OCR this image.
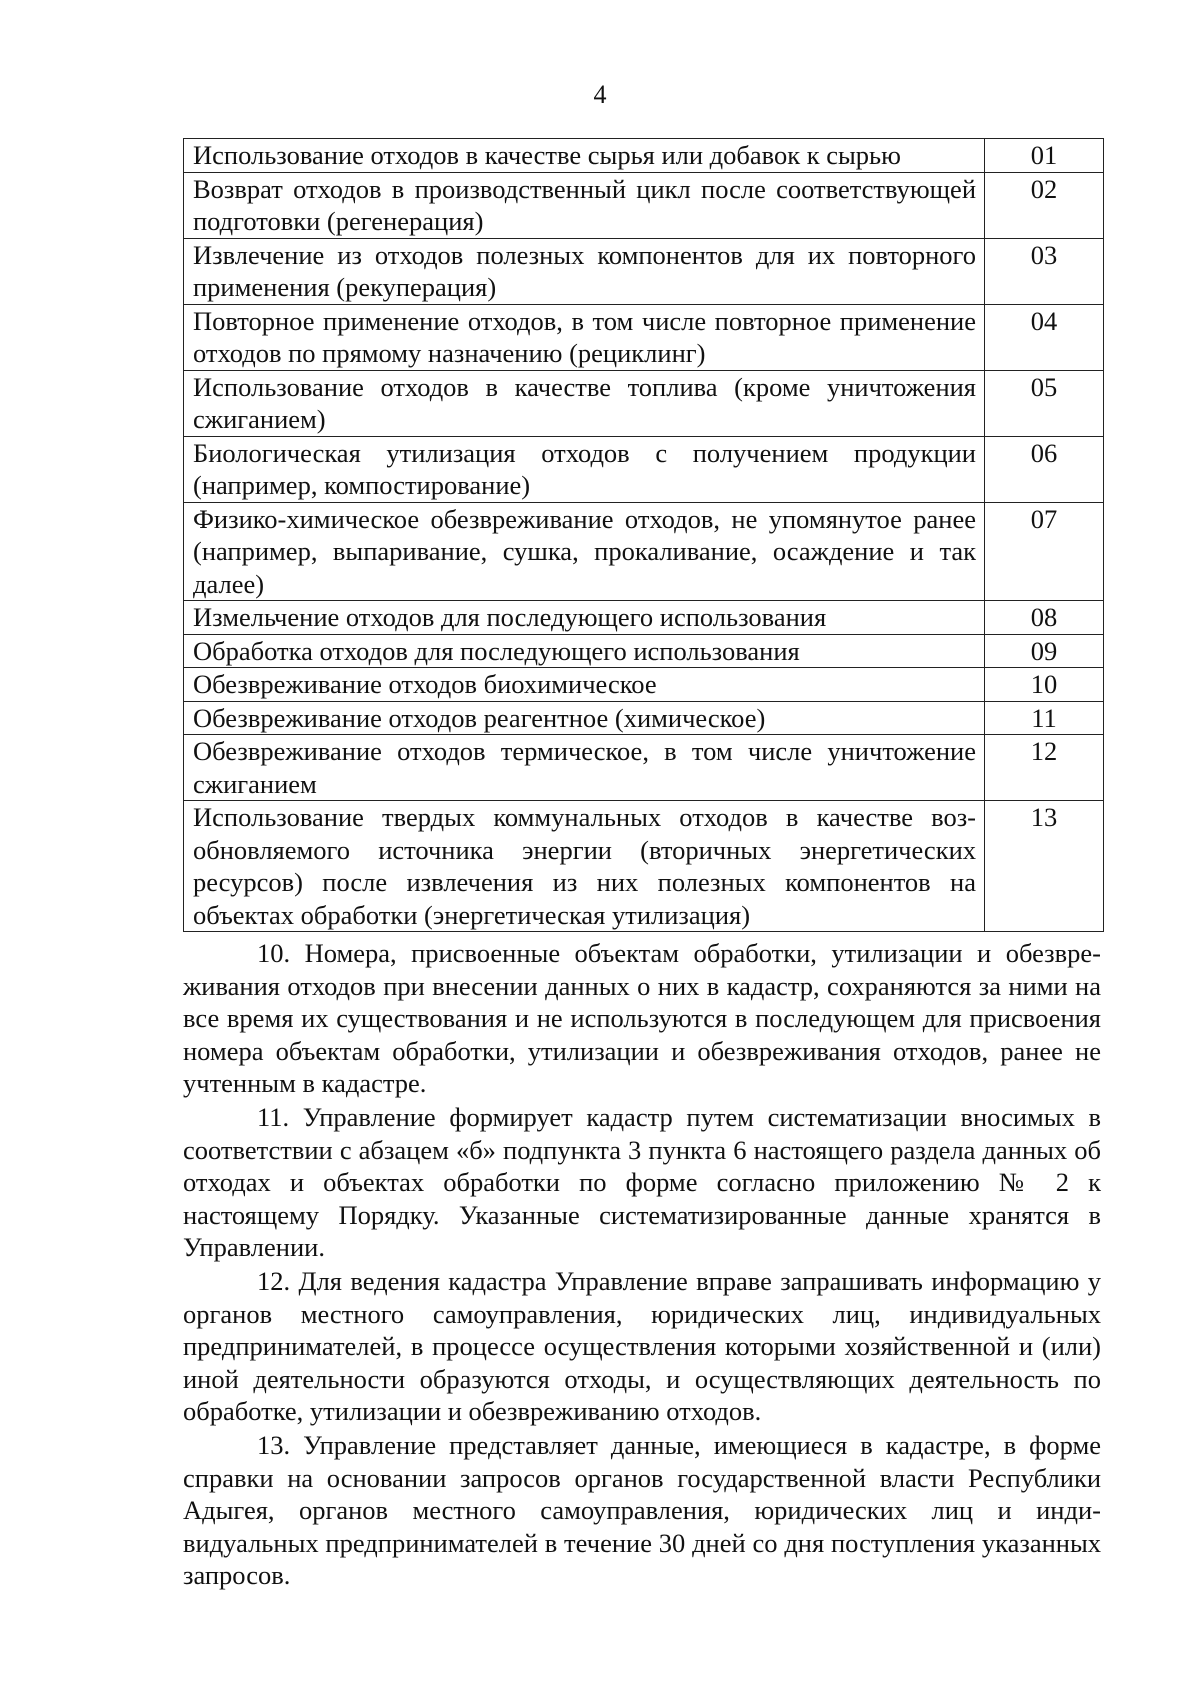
4
Использование отходов в качестве сырья или добавок к сырью	01
Возврат отходов в производственный цикл после соответствующей подготовки (регенерация)	02
Извлечение из отходов полезных компонентов для их повторного применения (рекуперация)	03
Повторное применение отходов, в том числе повторное применение отходов по прямому назначению (рециклинг)	04
Использование отходов в качестве топлива (кроме уничтожения сжиганием)	05
Биологическая утилизация отходов с получением продукции (например, компостирование)	06
Физико-химическое обезвреживание отходов, не упомянутое ранее (например, выпаривание, сушка, прокаливание, осаждение и так далее)	07
Измельчение отходов для последующего использования	08
Обработка отходов для последующего использования	09
Обезвреживание отходов биохимическое	10
Обезвреживание отходов реагентное (химическое)	11
Обезвреживание отходов термическое, в том числе уничтожение сжиганием	12
Использование твердых коммунальных отходов в качестве возобновляемого источника энергии (вторичных энергетических ресурсов) после извлечения из них полезных компонентов на объектах обработки (энергетическая утилизация)	13

10. Номера, присвоенные объектам обработки, утилизации и обезвреживания отходов при внесении данных о них в кадастр, сохраняются за ними на все время их существования и не используются в последующем для присвоения номера объектам обработки, утилизации и обезвреживания отходов, ранее не учтенным в кадастре.

11. Управление формирует кадастр путем систематизации вносимых в соответствии с абзацем «б» подпункта 3 пункта 6 настоящего раздела данных об отходах и объектах обработки по форме согласно приложению № 2 к настоящему Порядку. Указанные систематизированные данные хранятся в Управлении.

12. Для ведения кадастра Управление вправе запрашивать информацию у органов местного самоуправления, юридических лиц, индивидуальных предпринимателей, в процессе осуществления которыми хозяйственной и (или) иной деятельности образуются отходы, и осуществляющих деятельность по обработке, утилизации и обезвреживанию отходов.

13. Управление представляет данные, имеющиеся в кадастре, в форме справки на основании запросов органов государственной власти Республики Адыгея, органов местного самоуправления, юридических лиц и индивидуальных предпринимателей в течение 30 дней со дня поступления указанных запросов.
